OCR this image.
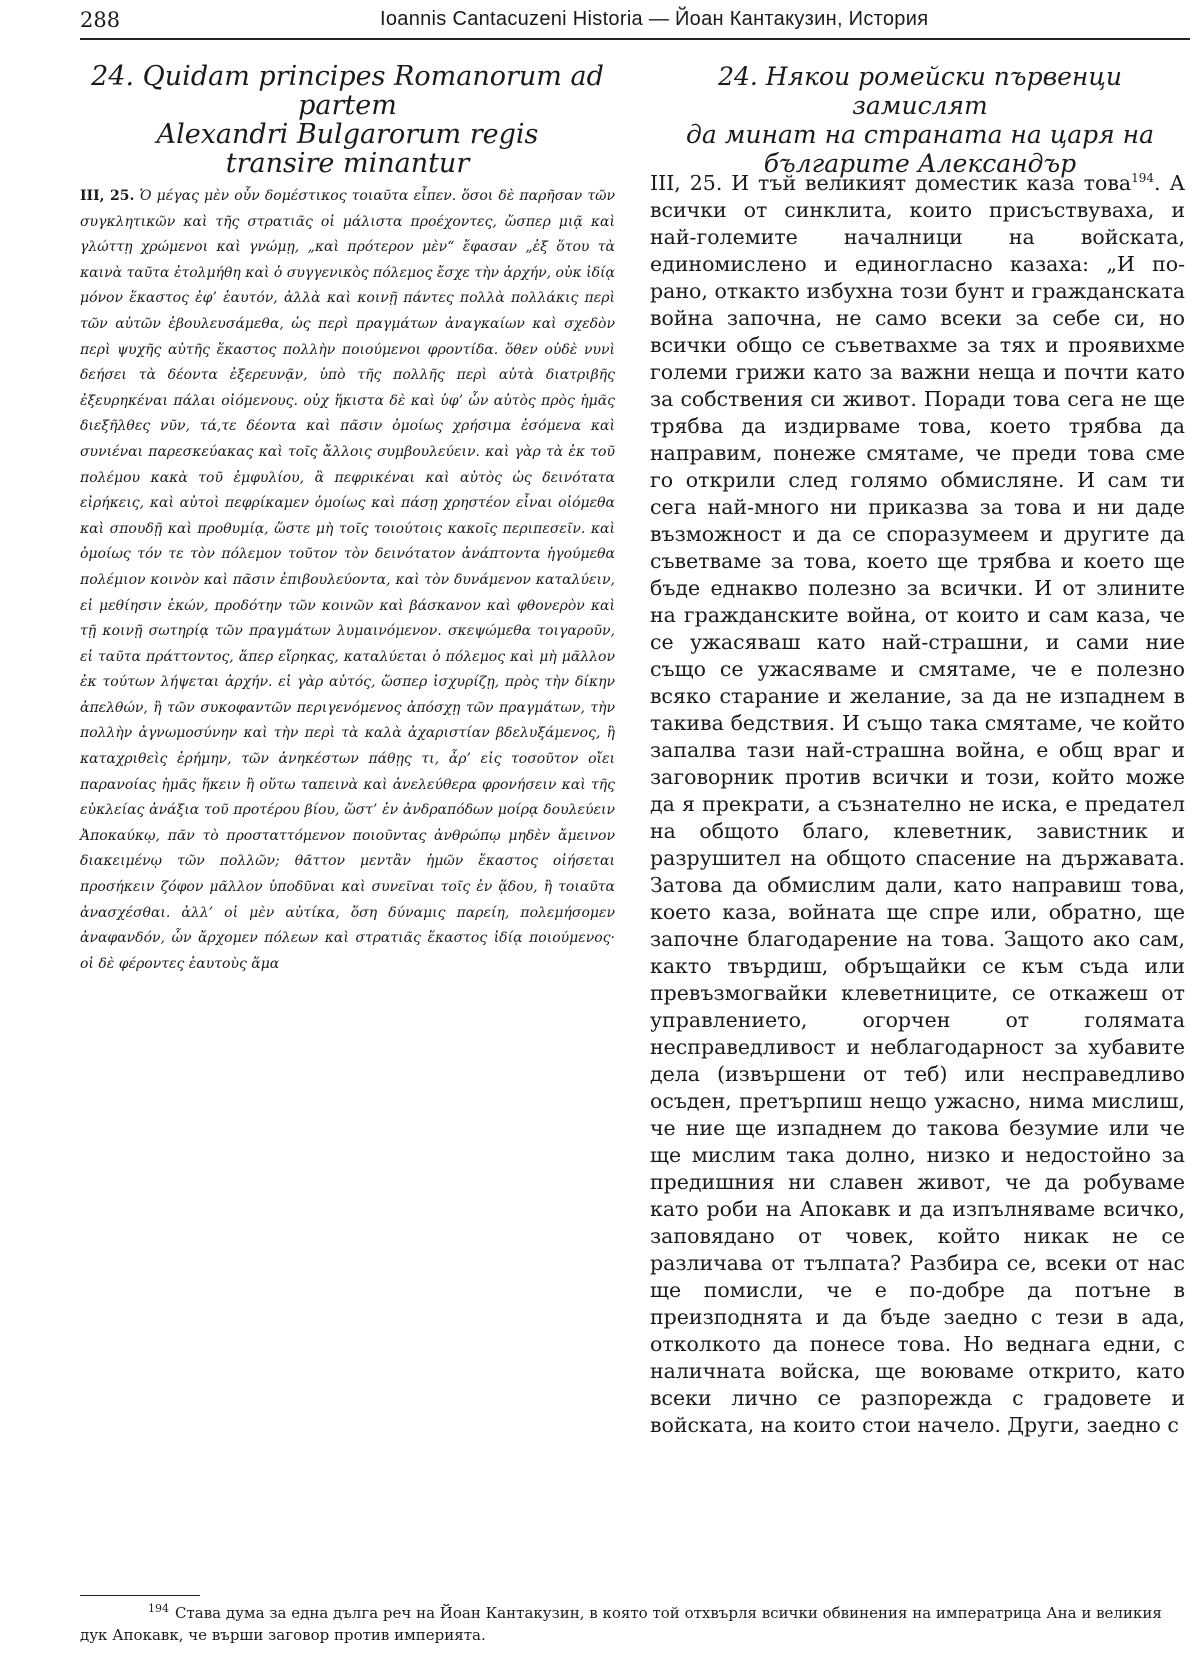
288	Ioannis Cantacuzeni Historia — Йоан Кантакузин, История

24. Quidam principes Romanorum ad partem
Alexandri Bulgarorum regis
transire minantur

III, 25. Ὁ μέγας μὲν οὖν δομέστικος τοιαῦτα εἶπεν. ὅσοι δὲ παρῆσαν τῶν συγκλητικῶν καὶ τῆς στρατιᾶς οἱ μάλιστα προέχοντες, ὥσπερ μιᾷ καὶ γλώττῃ χρώμενοι καὶ γνώμῃ, „καὶ πρότερον μὲν“ ἔφασαν „ἐξ ὅτου τὰ καινὰ ταῦτα ἐτολμήθη καὶ ὁ συγγενικὸς πόλεμος ἔσχε τὴν ἀρχήν, οὐκ ἰδίᾳ μόνον ἕκαστος ἐφ’ ἑαυτόν, ἀλλὰ καὶ κοινῇ πάντες πολλὰ πολλάκις περὶ τῶν αὐτῶν ἐβουλευσάμεθα, ὡς περὶ πραγμάτων ἀναγκαίων καὶ σχεδὸν περὶ ψυχῆς αὐτῆς ἕκαστος πολλὴν ποιούμενοι φροντίδα. ὅθεν οὐδὲ νυνὶ δεήσει τὰ δέοντα ἐξερευνᾷν, ὑπὸ τῆς πολλῆς περὶ αὐτὰ διατριβῆς ἐξευρηκέναι πάλαι οἰόμενους. οὐχ ἥκιστα δὲ καὶ ὑφ’ ὧν αὐτὸς πρὸς ἡμᾶς διεξῆλθες νῦν, τά,τε δέοντα καὶ πᾶσιν ὁμοίως χρήσιμα ἐσόμενα καὶ συνιέναι παρεσκεύακας καὶ τοῖς ἄλλοις συμβουλεύειν. καὶ γὰρ τὰ ἐκ τοῦ πολέμου κακὰ τοῦ ἐμφυλίου, ἃ πεφρικέναι καὶ αὐτὸς ὡς δεινότατα εἰρήκεις, καὶ αὐτοὶ πεφρίκαμεν ὁμοίως καὶ πάσῃ χρηστέον εἶναι οἰόμεθα καὶ σπουδῇ καὶ προθυμίᾳ, ὥστε μὴ τοῖς τοιούτοις κακοῖς περιπεσεῖν. καὶ ὁμοίως τόν τε τὸν πόλεμον τοῦτον τὸν δεινότατον ἀνάπτοντα ἡγούμεθα πολέμιον κοινὸν καὶ πᾶσιν ἐπιβουλεύοντα, καὶ τὸν δυνάμενον καταλύειν, εἰ μεθίησιν ἑκών, προδότην τῶν κοινῶν καὶ βάσκανον καὶ φθονερὸν καὶ τῇ κοινῇ σωτηρίᾳ τῶν πραγμάτων λυμαινόμενον. σκεψώμεθα τοιγαροῦν, εἰ ταῦτα πράττοντος, ἅπερ εἴρηκας, καταλύεται ὁ πόλεμος καὶ μὴ μᾶλλον ἐκ τούτων λήψεται ἀρχήν. εἰ γὰρ αὐτός, ὥσπερ ἰσχυρίζῃ, πρὸς τὴν δίκην ἀπελθών, ἢ τῶν συκοφαντῶν περιγενόμενος ἀπόσχῃ τῶν πραγμάτων, τὴν πολλὴν ἀγνωμοσύνην καὶ τὴν περὶ τὰ καλὰ ἀχαριστίαν βδελυξάμενος, ἢ καταχριθεὶς ἐρήμην, τῶν ἀνηκέστων πάθῃς τι, ἆρ’ εἰς τοσοῦτον οἴει παρανοίας ἡμᾶς ἥκειν ἢ οὕτω ταπεινὰ καὶ ἀνελεύθερα φρονήσειν καὶ τῆς εὐκλείας ἀνάξια τοῦ προτέρου βίου, ὥστ’ ἐν ἀνδραπόδων μοίρᾳ δουλεύειν Ἀποκαύκῳ, πᾶν τὸ προσταττόμενον ποιοῦντας ἀνθρώπῳ μηδὲν ἄμεινον διακειμένῳ τῶν πολλῶν; θᾶττον μεντἂν ἡμῶν ἕκαστος οἰήσεται προσήκειν ζόφον μᾶλλον ὑποδῦναι καὶ συνεῖναι τοῖς ἐν ᾅδου, ἢ τοιαῦτα ἀνασχέσθαι. ἀλλ’ οἱ μὲν αὐτίκα, ὅση δύναμις παρείη, πολεμήσομεν ἀναφανδόν, ὧν ἄρχομεν πόλεων καὶ στρατιᾶς ἕκαστος ἰδίᾳ ποιούμενος· οἱ δὲ φέροντες ἑαυτοὺς ἅμα

24. Някои ромейски първенци замислят
да минат на страната на царя на
българите Александър

III, 25. И тъй великият доместик каза това$^{194}$. А всички от синклита, които присъствуваха, и най-големите началници на войската, единомислено и единогласно казаха: „И по-рано, откакто избухна този бунт и гражданската война започна, не само всеки за себе си, но всички общо се съветвахме за тях и проявихме големи грижи като за важни неща и почти като за собствения си живот. Поради това сега не ще трябва да издирваме това, което трябва да направим, понеже смятаме, че преди това сме го открили след голямо обмисляне. И сам ти сега най-много ни приказва за това и ни даде възможност и да се споразумеем и другите да съветваме за това, което ще трябва и което ще бъде еднакво полезно за всички. И от злините на гражданските война, от които и сам каза, че се ужасяваш като най-страшни, и сами ние също се ужасяваме и смятаме, че е полезно всяко старание и желание, за да не изпаднем в такива бедствия. И също така смятаме, че който запалва тази най-страшна война, е общ враг и заговорник против всички и този, който може да я прекрати, а съзнателно не иска, е предател на общото благо, клеветник, завистник и разрушител на общото спасение на държавата. Затова да обмислим дали, като направиш това, което каза, войната ще спре или, обратно, ще започне благодарение на това. Защото ако сам, както твърдиш, обръщайки се към съда или превъзмогвайки клеветниците, се откажеш от управлението, огорчен от голямата несправедливост и неблагодарност за хубавите дела (извършени от теб) или несправедливо осъден, претърпиш нещо ужасно, нима мислиш, че ние ще изпаднем до такова безумие или че ще мислим така долно, низко и недостойно за предишния ни славен живот, че да робуваме като роби на Апокавк и да изпълняваме всичко, заповядано от човек, който никак не се различава от тълпата? Разбира се, всеки от нас ще помисли, че е по-добре да потъне в преизподнята и да бъде заедно с тези в ада, отколкото да понесе това. Но веднага едни, с наличната войска, ще воюваме открито, като всеки лично се разпорежда с градовете и войската, на които стои начело. Други, заедно с

$^{194}$ Става дума за една дълга реч на Йоан Кантакузин, в която той отхвърля всички обвинения на императрица Ана и великия дук Апокавк, че върши заговор против империята.
